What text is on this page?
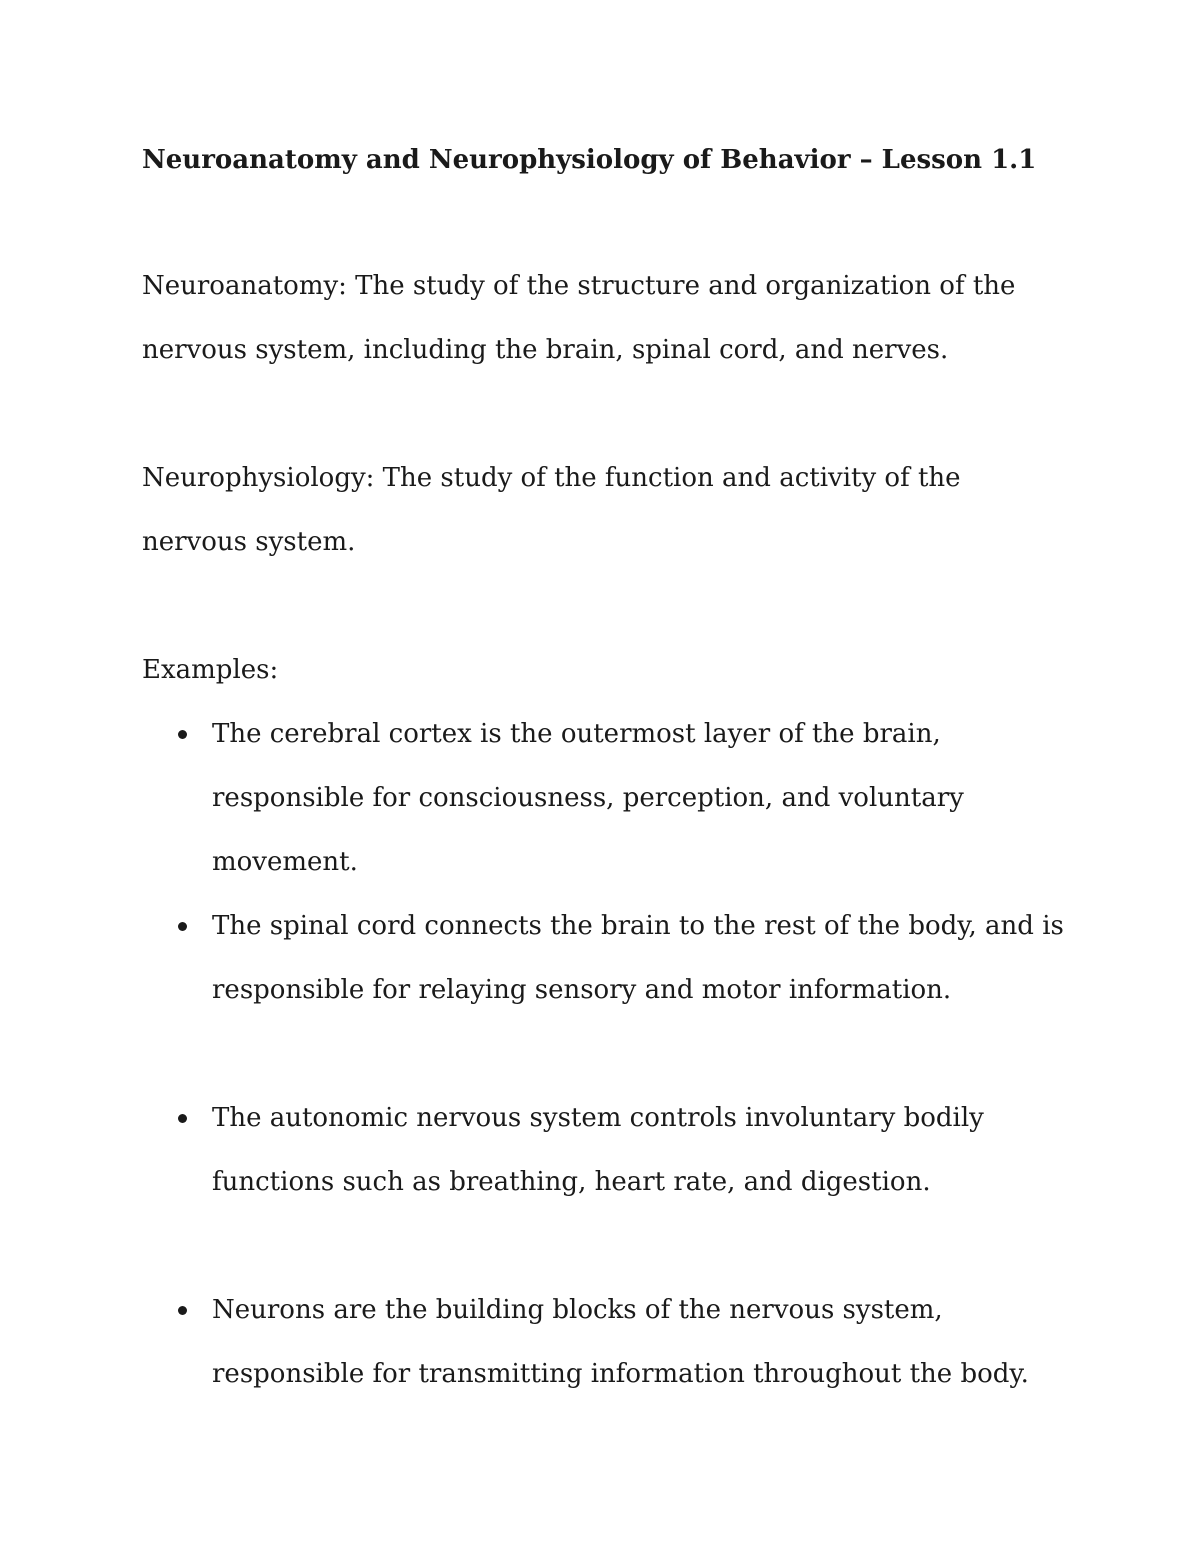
Neuroanatomy and Neurophysiology of Behavior – Lesson 1.1
Neuroanatomy: The study of the structure and organization of the nervous system, including the brain, spinal cord, and nerves.
Neurophysiology: The study of the function and activity of the nervous system.
Examples:
The cerebral cortex is the outermost layer of the brain, responsible for consciousness, perception, and voluntary movement.
The spinal cord connects the brain to the rest of the body, and is responsible for relaying sensory and motor information.
The autonomic nervous system controls involuntary bodily functions such as breathing, heart rate, and digestion.
Neurons are the building blocks of the nervous system, responsible for transmitting information throughout the body.
